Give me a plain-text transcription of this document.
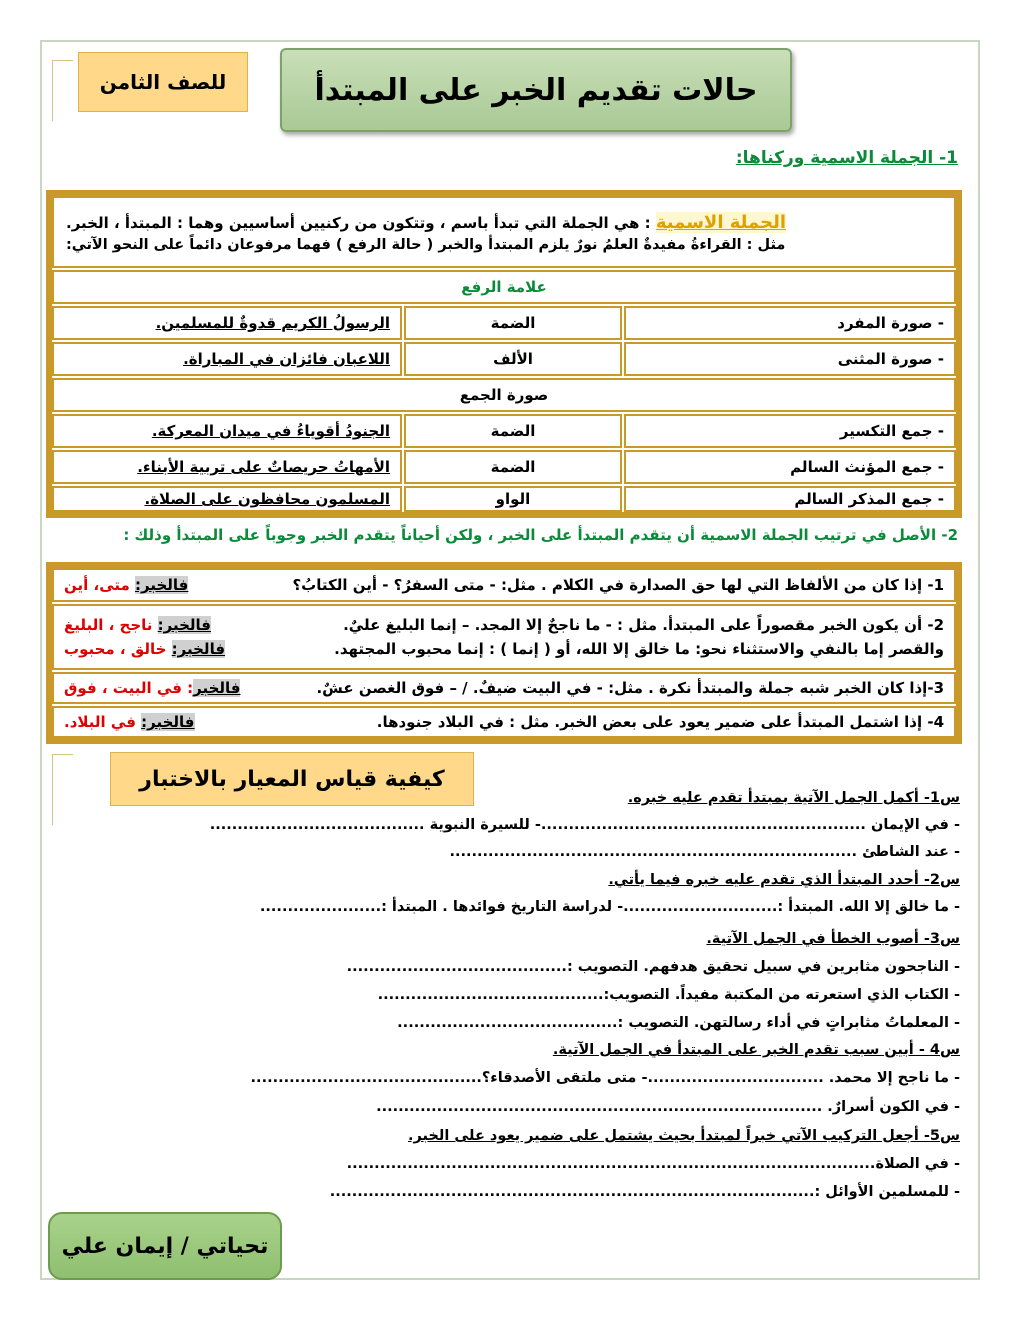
للصف الثامن	حالات تقديم الخبر على المبتدأ
1- الجملة الاسمية وركناها:
الجملة الاسمية : هي الجملة التي تبدأ باسم ، وتتكون من ركنيين أساسيين وهما : المبتدأ ، الخبر.
مثل : القراءةُ مفيدةٌ العلمُ نورٌ يلزم المبتدأ والخبر ( حالة الرفع ) فهما مرفوعان دائماً على النحو الآتي:
علامة الرفع
- صورة المفرد
الضمة
الرسولُ الكريم قدوةٌ للمسلمين.
- صورة المثنى
الألف
اللاعبان فائزان في المباراة.
صورة الجمع
- جمع التكسير
الضمة
الجنودُ أقوياءُ في ميدان المعركة.
- جمع المؤنث السالم
الضمة
الأمهاتُ حريصاتٌ على تربية الأبناء.
- جمع المذكر السالم
الواو
المسلمون محافظون على الصلاة.
2- الأصل في ترتيب الجملة الاسمية أن يتقدم المبتدأ على الخبر ، ولكن أحياناً يتقدم الخبر وجوباً على المبتدأ وذلك :
1- إذا كان من الألفاظ التي لها حق الصدارة في الكلام . مثل: - متى السفرُ؟ - أين الكتابُ؟
فالخبر: متى، أين
2- أن يكون الخبر مقصوراً على المبتدأ. مثل : - ما ناجحٌ إلا المجد. – إنما البليغ عليٌ.
فالخبر: ناجح ، البليغ
والقصر إما بالنفي والاستثناء نحو: ما خالق إلا الله، أو ( إنما ) : إنما محبوب المجتهد.
فالخبر: خالق ، محبوب
3-إذا كان الخبر شبه جملة والمبتدأ نكرة . مثل: - في البيت ضيفٌ. / – فوق الغصن عشٌ.
فالخبر: في البيت ، فوق
4- إذا اشتمل المبتدأ على ضمير يعود على بعض الخبر. مثل : في البلاد جنودها.
فالخبر: في البلاد.
كيفية قياس المعيار بالاختبار
س1- أكمل الجمل الآتية بمبتدأ تقدم عليه خبره.
- في الإيمان ...........................................................- للسيرة النبوية .......................................
- عند الشاطئ ..........................................................................
س2- أحدد المبتدأ الذي تقدم عليه خبره فيما يأتي.
- ما خالق إلا الله. المبتدأ :............................- لدراسة التاريخ فوائدها . المبتدأ :......................
س3- أصوب الخطأ في الجمل الآتية.
- الناجحون مثابرين في سبيل تحقيق هدفهم. التصويب :........................................
- الكتاب الذي استعرته من المكتبة مفيداً. التصويب:.........................................
- المعلماتُ مثابراتٍ في أداء رسالتهن. التصويب :........................................
س4 - أبين سبب تقدم الخبر على المبتدأ في الجمل الآتية.
- ما ناجح إلا محمد. ................................- متى ملتقى الأصدقاء؟..........................................
- في الكون أسرارٌ. .................................................................................
س5- أجعل التركيب الآتي خبراً لمبتدأ بحيث يشتمل على ضمير يعود على الخبر.
- في الصلاة................................................................................................
- للمسلمين الأوائل :........................................................................................
تحياتي / إيمان علي
